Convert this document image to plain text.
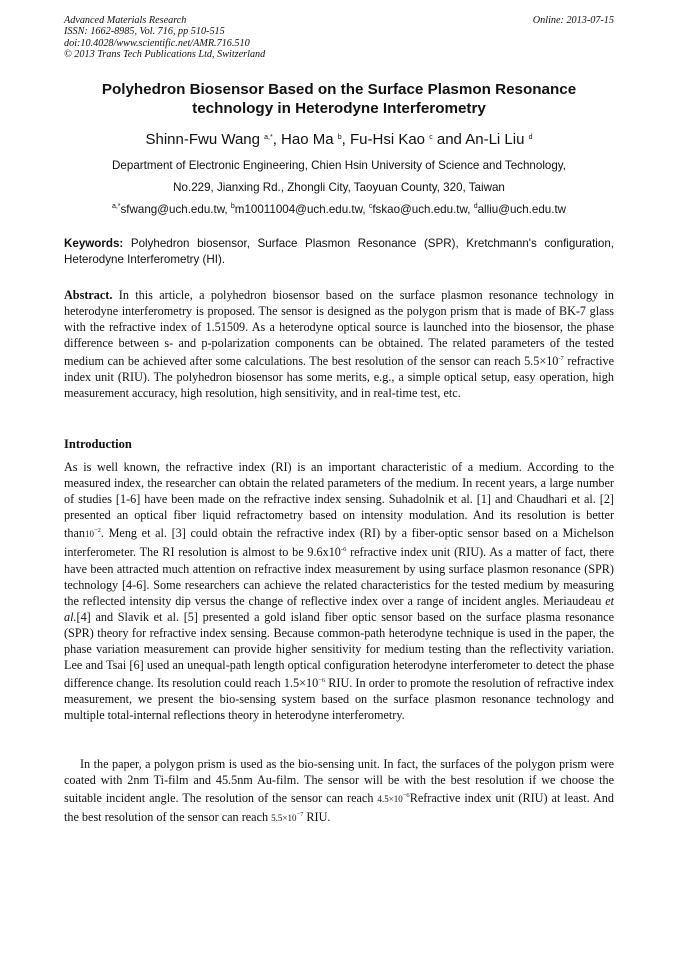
Advanced Materials Research
ISSN: 1662-8985, Vol. 716, pp 510-515
doi:10.4028/www.scientific.net/AMR.716.510
© 2013 Trans Tech Publications Ltd, Switzerland
Online: 2013-07-15
Polyhedron Biosensor Based on the Surface Plasmon Resonance technology in Heterodyne Interferometry
Shinn-Fwu Wang $^{a,*}$, Hao Ma $^b$, Fu-Hsi Kao $^c$ and An-Li Liu $^d$
Department of Electronic Engineering, Chien Hsin University of Science and Technology,
No.229, Jianxing Rd., Zhongli City, Taoyuan County, 320, Taiwan
$^{a,*}$sfwang@uch.edu.tw, $^b$m10011004@uch.edu.tw, $^c$fskao@uch.edu.tw, $^d$alliu@uch.edu.tw
Keywords: Polyhedron biosensor, Surface Plasmon Resonance (SPR), Kretchmann's configuration, Heterodyne Interferometry (HI).
Abstract. In this article, a polyhedron biosensor based on the surface plasmon resonance technology in heterodyne interferometry is proposed. The sensor is designed as the polygon prism that is made of BK-7 glass with the refractive index of 1.51509. As a heterodyne optical source is launched into the biosensor, the phase difference between s- and p-polarization components can be obtained. The related parameters of the tested medium can be achieved after some calculations. The best resolution of the sensor can reach $5.5\times 10^{-7}$ refractive index unit (RIU). The polyhedron biosensor has some merits, e.g., a simple optical setup, easy operation, high measurement accuracy, high resolution, high sensitivity, and in real-time test, etc.
Introduction
As is well known, the refractive index (RI) is an important characteristic of a medium. According to the measured index, the researcher can obtain the related parameters of the medium. In recent years, a large number of studies [1-6] have been made on the refractive index sensing. Suhadolnik et al. [1] and Chaudhari et al. [2] presented an optical fiber liquid refractometry based on intensity modulation. And its resolution is better $than10^{-2}$. Meng et al. [3] could obtain the refractive index (RI) by a fiber-optic sensor based on a Michelson interferometer. The RI resolution is almost to be $9.6x10^{-6}$ refractive index unit (RIU). As a matter of fact, there have been attracted much attention on refractive index measurement by using surface plasmon resonance (SPR) technology [4-6]. Some researchers can achieve the related characteristics for the tested medium by measuring the reflected intensity dip versus the change of reflective index over a range of incident angles. Meriaudeau et al.[4] and Slavik et al. [5] presented a gold island fiber optic sensor based on the surface plasma resonance (SPR) theory for refractive index sensing. Because common-path heterodyne technique is used in the paper, the phase variation measurement can provide higher sensitivity for medium testing than the reflectivity variation. Lee and Tsai [6] used an unequal-path length optical configuration heterodyne interferometer to detect the phase difference change. Its resolution could reach $1.5\times 10^{-6}$ RIU. In order to promote the resolution of refractive index measurement, we present the bio-sensing system based on the surface plasmon resonance technology and multiple total-internal reflections theory in heterodyne interferometry.
In the paper, a polygon prism is used as the bio-sensing unit. In fact, the surfaces of the polygon prism were coated with 2nm Ti-film and 45.5nm Au-film. The sensor will be with the best resolution if we choose the suitable incident angle. The resolution of the sensor can reach $4.5\times 10^{-6}Refractive$ index unit (RIU) at least. And the best resolution of the sensor can reach $5.5\times 10^{-7}$ RIU.
